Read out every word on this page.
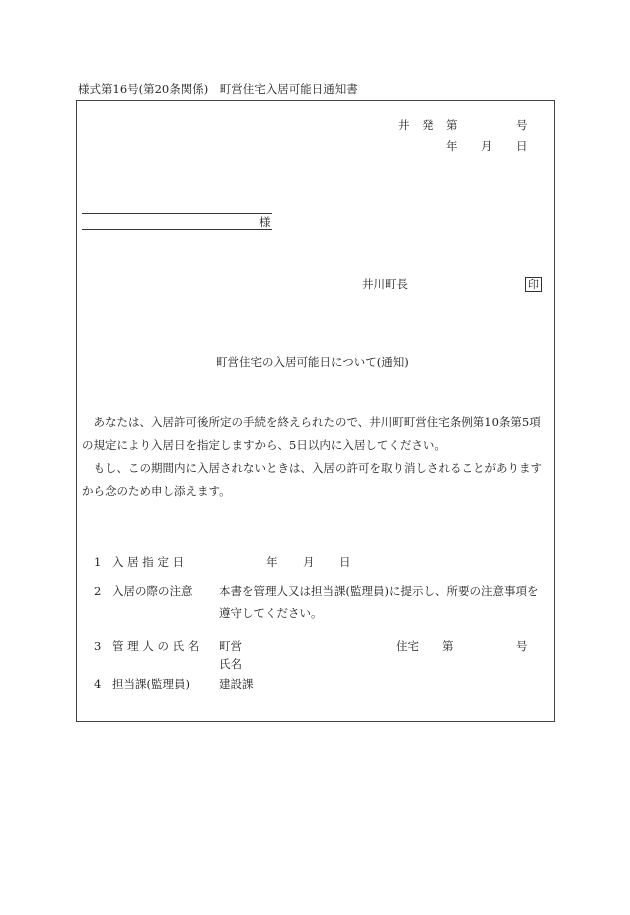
様式第16号(第20条関係)　町営住宅入居可能日通知書
井 発 第	号
年 月 日
様
井川町長	印
町営住宅の入居可能日について(通知)

あなたは、入居許可後所定の手続を終えられたので、井川町町営住宅条例第10条第5項

の規定により入居日を指定しますから、5日以内に入居してください。

もし、この期間内に入居されないときは、入居の許可を取り消しされることがあります

から念のため申し添えます。

1 入 居 指 定 日	年 月 日
2 入居の際の注意 本書を管理人又は担当課(監理員)に提示し、所要の注意事項を
遵守してください。
3 管 理 人 の 氏 名 町営	住宅 第	号
氏名
4 担当課(監理員)	建設課
